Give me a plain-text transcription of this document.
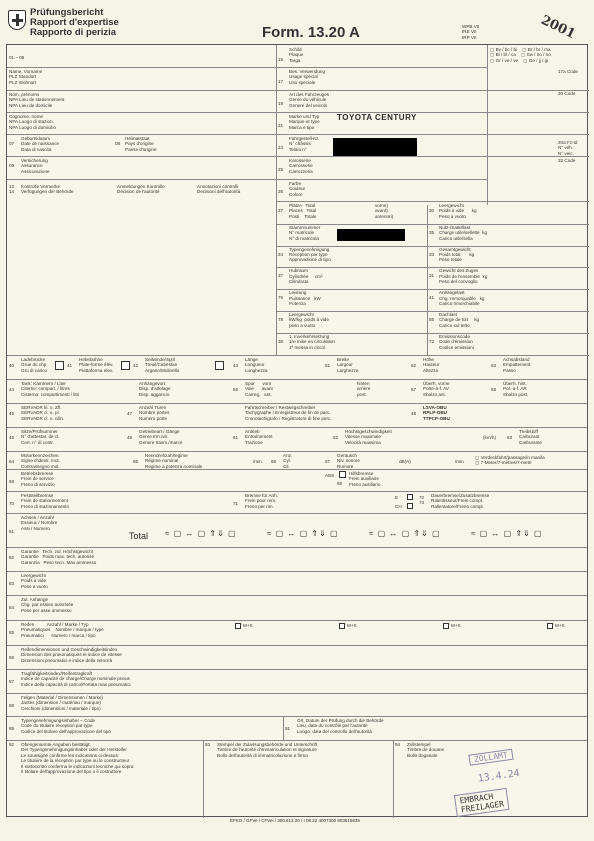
Prüfungsbericht
Rapport d'expertise
Rapporto di perizia	Form. 13.20 A	WPB VII
IRE VII
IRP VII	2001
01 – 06
Name, Vorname
PLZ Standort
PLZ Wohnort
Nom, prénoms
NPA Lieu de stationnement
NPA Lieu de domicile
Cognome, nome
NPA Luogo di stazion.
NPA Luogo di domicilio
07
Geburtsdatum
Date de naissance
Data di nascita
08
Heimatstaat
Pays d'origine
Paese d'origine
09
Versicherung
Assurance
Assicurazione
13
14
Kontrolle Vermerke
Verfügungen der Behörde
Anmeldungen Kontrolle
Décision de l'autorité
Annotazioni controlli
Decisioni dell'autorità
15
17
19
21
23
25
26
Schild
Plaque
Targa
Bes. Verwendung
Usage spécial
Uso speciale
Art des Fahrzeuges
Genre du véhicule
Genere del veicolo
Marke und Typ
Marque et type
Marca e tipo
TOYOTA CENTURY
Fahrgestell-Nr.
N° châssis
Telaio n°
Karosserie
Carrosserie
Carrozzeria
Farbe
Couleur
Colore
▢ Bv / bc / bi    ▢ Br / br / ma
▢ Bl / bl / ca    ▢ Sw / no / no
▢ Gr / ve / ve    ▢ Ge / jj / gi
17a Code
20 Code
20a Fz-Id
N° véh.
N° veic.
32 Code
27
Plätze   Total
Places   Total
Posti    Totale
vorne)
avant)
anteriori)
Stammnummer
N° matricule
N° di matricola
24
Typengenehmigung
Réception par type
Approvazione di tipo
37
Hubraum
Cylindrée     cm³
Cilindrata
76
Leistung
Puissance   kW
Potenza
78
Leergewicht
kW/kg  poids à vide
peso a vuoto
36
1. Inverkehrsetzung
1re mise en circulation
1ª messa in circol.
30
Leergewicht
Poids à vide      kg
Peso a vuoto
35
Nutz-/Sattellast
Charge utile/sellette  kg
Carico utile/sella
33
Gesamtgewicht
Poids total       kg
Peso totale
31
Gewicht des Zuges
Poids de l'ensemble  kg
Peso del convoglio
41
Anhängelast
Chg. remorquable   kg
Carico rimorchiabile
55
Dachlast
Charge de toit     kg
Carico sul tetto
72
Emissionscode
Code d'émission
Codice emissioni
40
Ladebrücke
Grue du chp.
Gru di carico
41
Hebebühne
Plate-forme élév.
Piattaforma elev.
42
Seilwinde/Spill
Treuil/Cabestan
Argano/Molinello
43
Länge
Longueur
Lunghezza
51
Breite
Largeur
Larghezza
52
Höhe
Hauteur
Altezza
53
Achsabstand
Empattement
Passo
44
Tank: Kammern / Liter
Citerne: compart. / litres
Cisterna: compartimenti / litri
Anhängevorr.
Disp. d'attelage
Disp. aggancio
56
Spur      vorn
Voie      avant
Carreg.   ant.
hinten
arrière
post.
57
Überh. vorne
Porte-à-f. AV
Sbalzo ant.
58
Überh. hint.
Por.-à-f. AR
Sbalzo post.
45
SERVADR kl. o. Zfl.
SERVADR cl. o. pl.
SERVADR cl. o. cilin.
47
Anzahl Türen
Nombre portes
Numero porte
Fahrtschreiber / Restwegschreiber
Tachygraphe / Enregistreur de fin de parc.
Cronotachigrafo / Registratore di fine perc.
48
LSVA-OBU
RPLP-OBU
TTPCP-OBU
46
Sitze/Prüfnummer
N° d'attestat. de cl.
Cert. n° di contr.
49
Getriebeart / Gänge
Genre trm./vit.
Genere trasm./marce
61
Antrieb
Entraînement
Trazione
62
Höchstgeschwindigkeit
Vitesse maximale
Velocità massima
(km/h) 63
Treibstoff
Carburant
Carburante
64
Motorkennzeichen
Signe d'identi. mot.
Contrassegno mot.
65
Nenndrehzahlregime
Régime nominal
Regime a potenza nominale
/min. 66
Anz.
Cyl.
Cil.
67
Geräusch
Niv. sonore
Rumore
dB(A)	/min
▢ Verdeckfahrt/passage/in manila
▢ 7-Meter/7-mètres/7-metri
68
Betriebsbremse
Frein de service
Freno di servizio
ABS
69
Hilfsbremse
Frein auxiliaire
Freno ausiliario
70
Feststellbremse
Frein de stationnement
Freno di stazionamento
71
Bremse für Anh.
Frein pour rem.
Freno per rim.
E
CH
72
73
Dauerbremse/Zusatzbremse
Ralentisseur/Frein compl.
Rallentatore/Freno compl.
81
Achsen / Anzahl
Essieux / Nombre
Assi / Numero
Total ≈ ▢ ↔ ▢ ⇑⇓ ▢	≈ ▢ ↔ ▢ ⇑⇓ ▢	≈ ▢ ↔ ▢ ⇑⇓ ▢	≈ ▢ ↔ ▢ ⇑⇓ ▢
82
Garantie   Tech. zul. Höchstgewicht
Garantie   Poids max. tech. autorisé
Garanzia   Peso tecn. Max ammesso
83
Leergewicht
Poids à vide
Peso a vuoto
84
Zul. Anhänge
Chg. par essieu autorisée
Peso per asse ammesso
85
Reifen          Anzahl / Marke / Typ
Pneumatiques    Nombre / marque / type
Pneumatici      Numero / marca / tipo
M+S	M+S	M+S	M+S
86
Reifendimensionen und Geschwindigkeitsindex
Dimension des pneumatiques et indice de vitesse
Dimensioni pneumatici e indice della velocità
87
Tragfähigkeitsindex/Reifentragkraft
Indice de capacité de charge/Charge nominale pneus
Indice della capacità di carico/Portata max pneumatici
88
Felgen (Material / Dimensionen / Marke)
Jantes (dimension / matériau / marque)
Cerchioni (dimensioni / materiale / tipo)
89
Typengenehmigungsinhaber – Code
Code du titulaire réception par type
Codice del titolare dell'approvazione del tipo
91
Ort, Datum der Prüfung durch die Behörde
Lieu, date du contrôle par l'autorité
Luogo, data del controllo dell'autorità
92 Obengenannte Angaben bestätigt:
Der Typengenehmigungsinhaber oder der Hersteller
Le soussigné confirme les indications ci-dessus:
Le titulaire de la réception par type ou le constructeur
Il sottoscritto conferma le indicazioni tecniche qui sopra:
Il titolare dell'approvazione del tipo o il costruttore
93 Stempel der Zulassungsbehörde und Unterschrift
Timbre de l'autorité d'immatriculation et signature
Bollo dell'autorità di immatricolazione e firma
94 Zollstempel
Timbre de douane
Bollo doganale	ZOLLAMT
13.4.24
EMBRACH
FREILAGER
EFKO / GFVe / CFVei / 300.613.20 / I 08.22 4007300 803515835
